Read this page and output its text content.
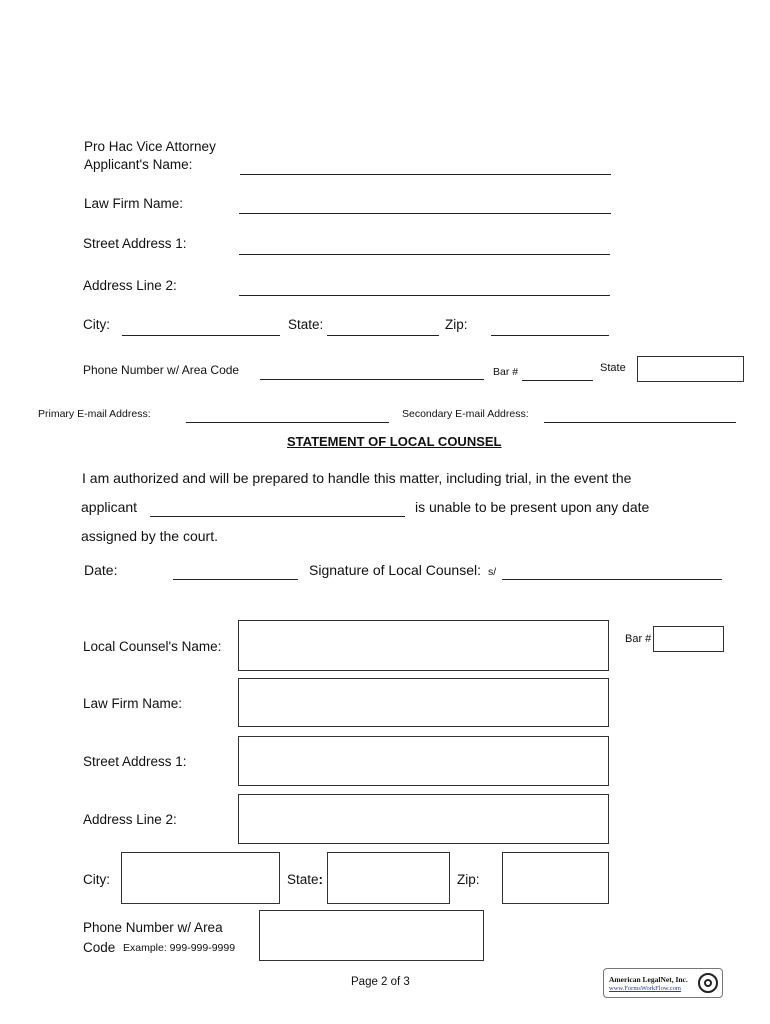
Pro Hac Vice Attorney
Applicant's Name:
Law Firm Name:
Street Address 1:
Address Line 2:
City:	State:	Zip:
Phone Number w/ Area Code	Bar #	State
Primary E-mail Address:	Secondary E-mail Address:
STATEMENT OF LOCAL COUNSEL
I am authorized and will be prepared to handle this matter, including trial, in the event the
applicant	is unable to be present upon any date
assigned by the court.
Date:	Signature of Local Counsel: s/
Local Counsel's Name:	Bar #
Law Firm Name:
Street Address 1:
Address Line 2:
City:	State:	Zip:
Phone Number w/ Area
Code Example: 999-999-9999
Page 2 of 3	American LegalNet, Inc.
www.FormsWorkFlow.com
